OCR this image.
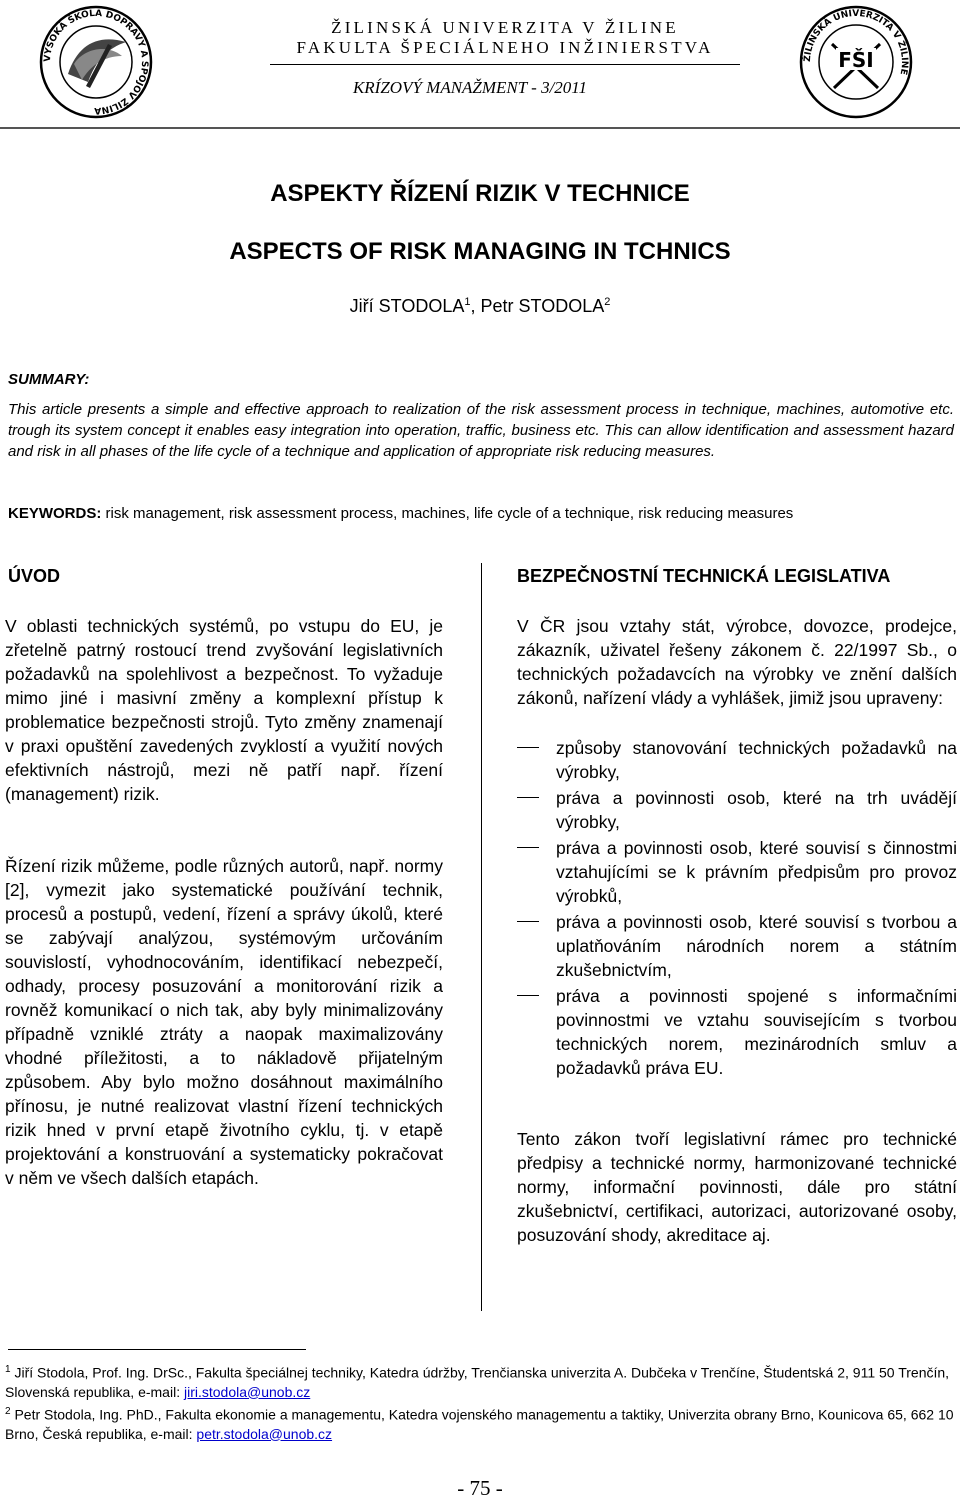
VYSOKÁ ŠKOLA DOPRAVY A SPOJOV ŽILINA
FŠI
ŽILINSKÁ UNIVERZITA V ŽILINE
ŽILINSKÁ UNIVERZITA V ŽILINE
FAKULTA ŠPECIÁLNEHO INŽINIERSTVA
KRÍZOVÝ MANAŽMENT - 3/2011
ASPEKTY ŘÍZENÍ RIZIK V TECHNICE
ASPECTS OF RISK MANAGING IN TCHNICS
Jiří STODOLA$^1$, Petr STODOLA$^2$
SUMMARY:

This article presents a simple and effective approach to realization of the risk assessment process in technique, machines, automotive etc. trough its system concept it enables easy integration into operation, traffic, business etc. This can allow identification and assessment hazard and risk in all phases of the life cycle of a technique and application of appropriate risk reducing measures.

KEYWORDS: risk management, risk assessment process, machines, life cycle of a technique, risk reducing measures

ÚVOD

V oblasti technických systémů, po vstupu do EU, je zřetelně patrný rostoucí trend zvyšování legislativních požadavků na spolehlivost a bezpečnost. To vyžaduje mimo jiné i masivní změny a komplexní přístup k problematice bezpečnosti strojů. Tyto změny znamenají v praxi opuštění zavedených zvyklostí a využití nových efektivních nástrojů, mezi ně patří např. řízení (management) rizik.

Řízení rizik můžeme, podle různých autorů, např. normy [2], vymezit jako systematické používání technik, procesů a postupů, vedení, řízení a správy úkolů, které se zabývají analýzou, systémovým určováním souvislostí, vyhodnocováním, identifikací nebezpečí, odhady, procesy posuzování a monitorování rizik a rovněž komunikací o nich tak, aby byly minimalizovány případně vzniklé ztráty a naopak maximalizovány vhodné příležitosti, a to nákladově přijatelným způsobem. Aby bylo možno dosáhnout maximálního přínosu, je nutné realizovat vlastní řízení technických rizik hned v první etapě životního cyklu, tj. v etapě projektování a konstruování a systematicky pokračovat v něm ve všech dalších etapách.

BEZPEČNOSTNÍ TECHNICKÁ LEGISLATIVA

V ČR jsou vztahy stát, výrobce, dovozce, prodejce, zákazník, uživatel řešeny zákonem č. 22/1997 Sb., o technických požadavcích na výrobky ve znění dalších zákonů, nařízení vlády a vyhlášek, jimiž jsou upraveny:

způsoby stanovování technických požadavků na výrobky,
práva a povinnosti osob, které na trh uvádějí výrobky,
práva a povinnosti osob, které souvisí s činnostmi vztahujícími se k právním předpisům pro provoz výrobků,
práva a povinnosti osob, které souvisí s tvorbou a uplatňováním národních norem a státním zkušebnictvím,
práva a povinnosti spojené s informačními povinnostmi ve vztahu souvisejícím s tvorbou technických norem, mezinárodních smluv a požadavků práva EU.

Tento zákon tvoří legislativní rámec pro technické předpisy a technické normy, harmonizované technické normy, informační povinnosti, dále pro státní zkušebnictví, certifikaci, autorizaci, autorizované osoby, posuzování shody, akreditace aj.

$^1$ Jiří Stodola, Prof. Ing. DrSc., Fakulta špeciálnej techniky, Katedra údržby, Trenčianska univerzita A. Dubčeka v Trenčíne, Študentská 2, 911 50 Trenčín, Slovenská republika, e-mail: jiri.stodola@unob.cz

$^2$ Petr Stodola, Ing. PhD., Fakulta ekonomie a managementu, Katedra vojenského managementu a taktiky, Univerzita obrany Brno, Kounicova 65, 662 10 Brno, Česká republika, e-mail: petr.stodola@unob.cz

- 75 -
